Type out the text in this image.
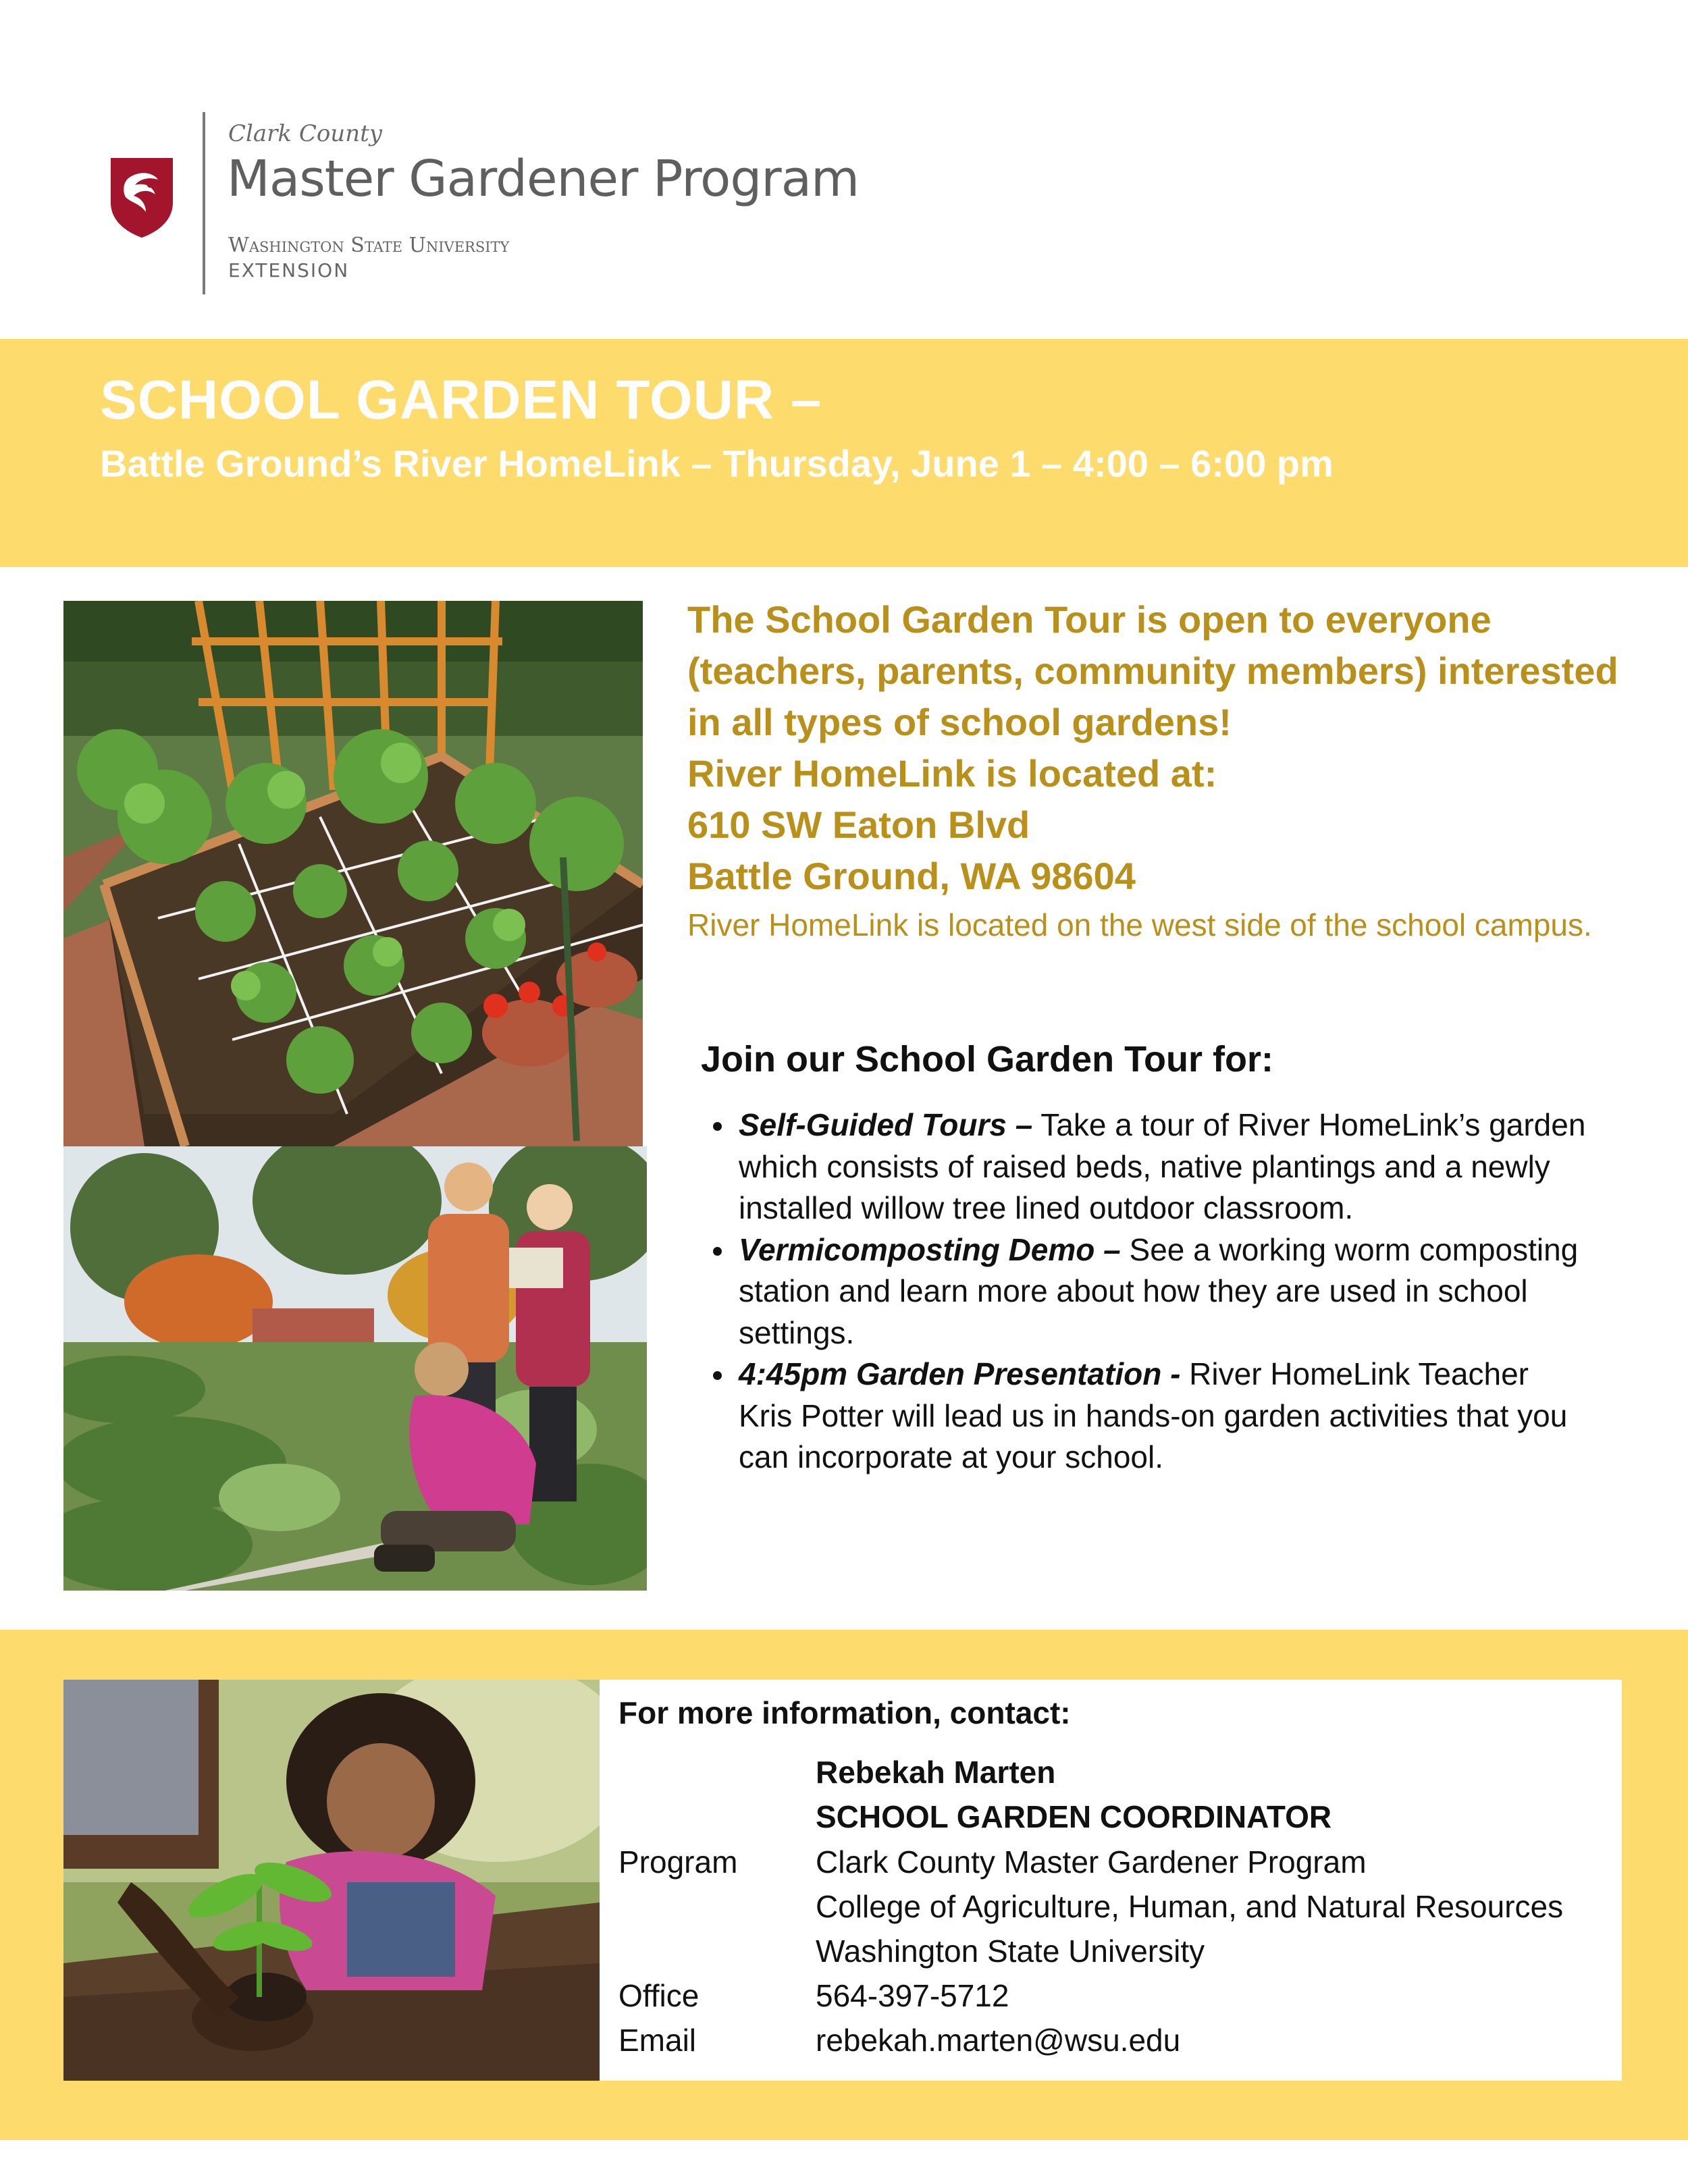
Clark County
Master Gardener Program
Washington State University
EXTENSION
SCHOOL GARDEN TOUR –
Battle Ground’s River HomeLink – Thursday, June 1 – 4:00 – 6:00 pm
The School Garden Tour is open to everyone
(teachers, parents, community members) interested
in all types of school gardens!
River HomeLink is located at:
610 SW Eaton Blvd
Battle Ground, WA 98604
River HomeLink is located on the west side of the school campus.
Join our School Garden Tour for:
Self-Guided Tours – Take a tour of River HomeLink’s garden
which consists of raised beds, native plantings and a newly
installed willow tree lined outdoor classroom.
Vermicomposting Demo – See a working worm composting
station and learn more about how they are used in school
settings.
4:45pm Garden Presentation - River HomeLink Teacher
Kris Potter will lead us in hands-on garden activities that you
can incorporate at your school.
For more information, contact:
Rebekah Marten
SCHOOL GARDEN COORDINATOR
Program	Clark County Master Gardener Program
College of Agriculture, Human, and Natural Resources
Washington State University
Office	564-397-5712
Email	rebekah.marten@wsu.edu
